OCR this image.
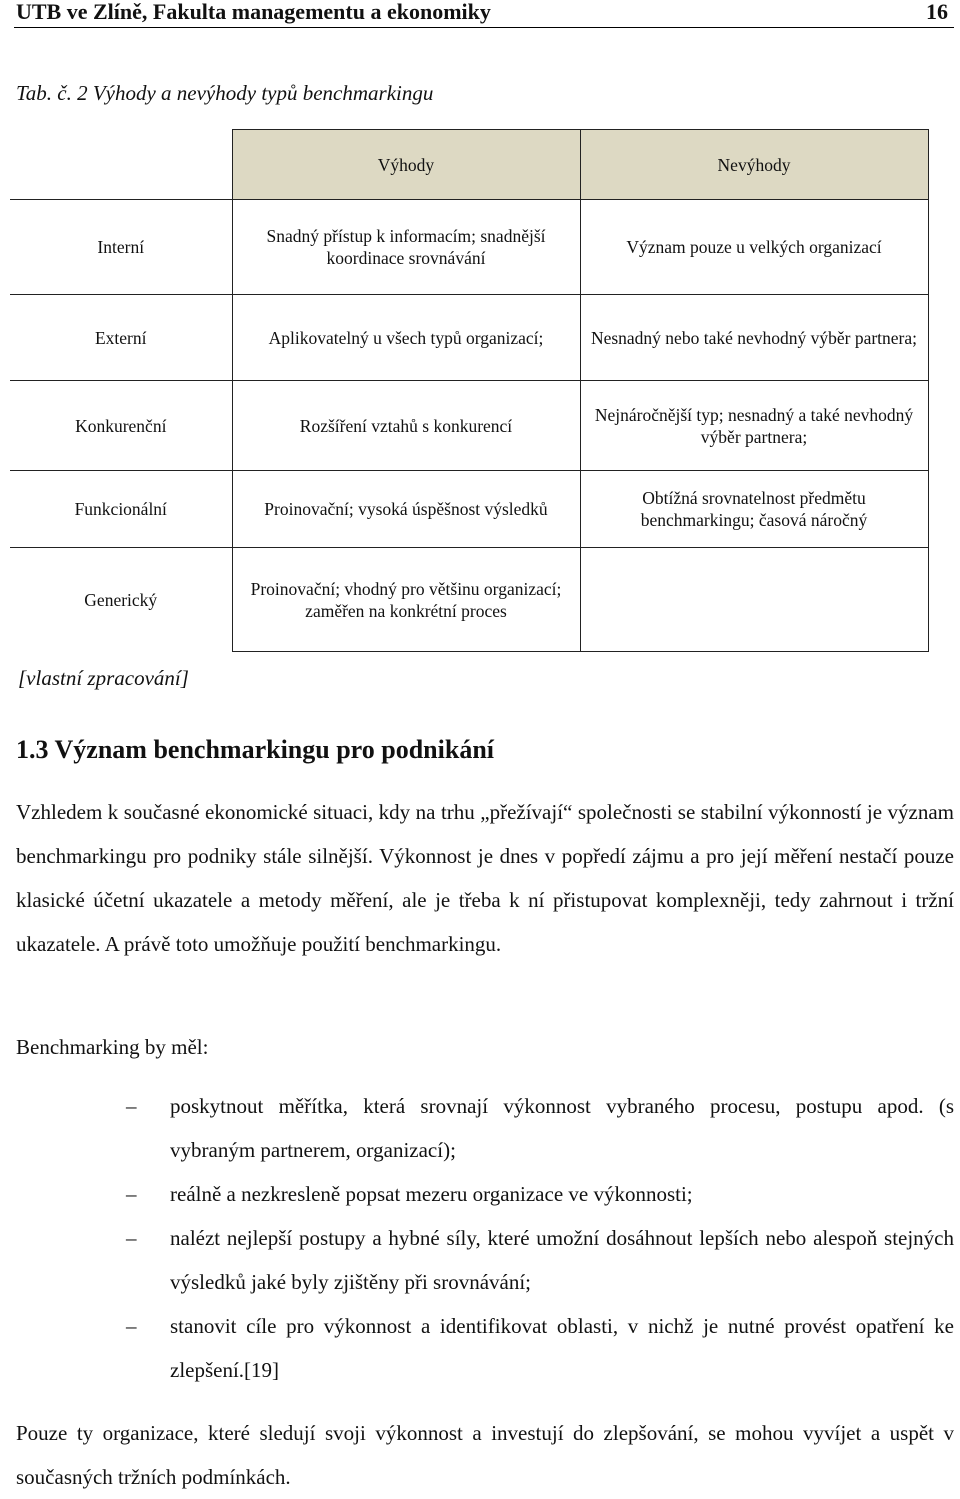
UTB ve Zlíně, Fakulta managementu a ekonomiky	16
Tab. č. 2 Výhody a nevýhody typů benchmarkingu
	Výhody	Nevýhody
Interní	Snadný přístup k informacím; snadnější koordinace srovnávání	Význam pouze u velkých organizací
Externí	Aplikovatelný u všech typů organizací;	Nesnadný nebo také nevhodný výběr partnera;
Konkurenční	Rozšíření vztahů s konkurencí	Nejnáročnější typ; nesnadný a také nevhodný výběr partnera;
Funkcionální	Proinovační; vysoká úspěšnost výsledků	Obtížná srovnatelnost předmětu benchmarkingu; časová náročný
Generický	Proinovační; vhodný pro většinu organizací; zaměřen na konkrétní proces	
[vlastní zpracování]
1.3 Význam benchmarkingu pro podnikání

Vzhledem k současné ekonomické situaci, kdy na trhu „přežívají“ společnosti se stabilní výkonností je význam benchmarkingu pro podniky stále silnější. Výkonnost je dnes v popředí zájmu a pro její měření nestačí pouze klasické účetní ukazatele a metody měření, ale je třeba k ní přistupovat komplexněji, tedy zahrnout i tržní ukazatele. A právě toto umožňuje použití benchmarkingu.

Benchmarking by měl:

– poskytnout měřítka, která srovnají výkonnost vybraného procesu, postupu apod. (s vybraným partnerem, organizací);
– reálně a nezkresleně popsat mezeru organizace ve výkonnosti;
– nalézt nejlepší postupy a hybné síly, které umožní dosáhnout lepších nebo alespoň stejných výsledků jaké byly zjištěny při srovnávání;
– stanovit cíle pro výkonnost a identifikovat oblasti, v nichž je nutné provést opatření ke zlepšení.[19]

Pouze ty organizace, které sledují svoji výkonnost a investují do zlepšování, se mohou vyvíjet a uspět v současných tržních podmínkách.
